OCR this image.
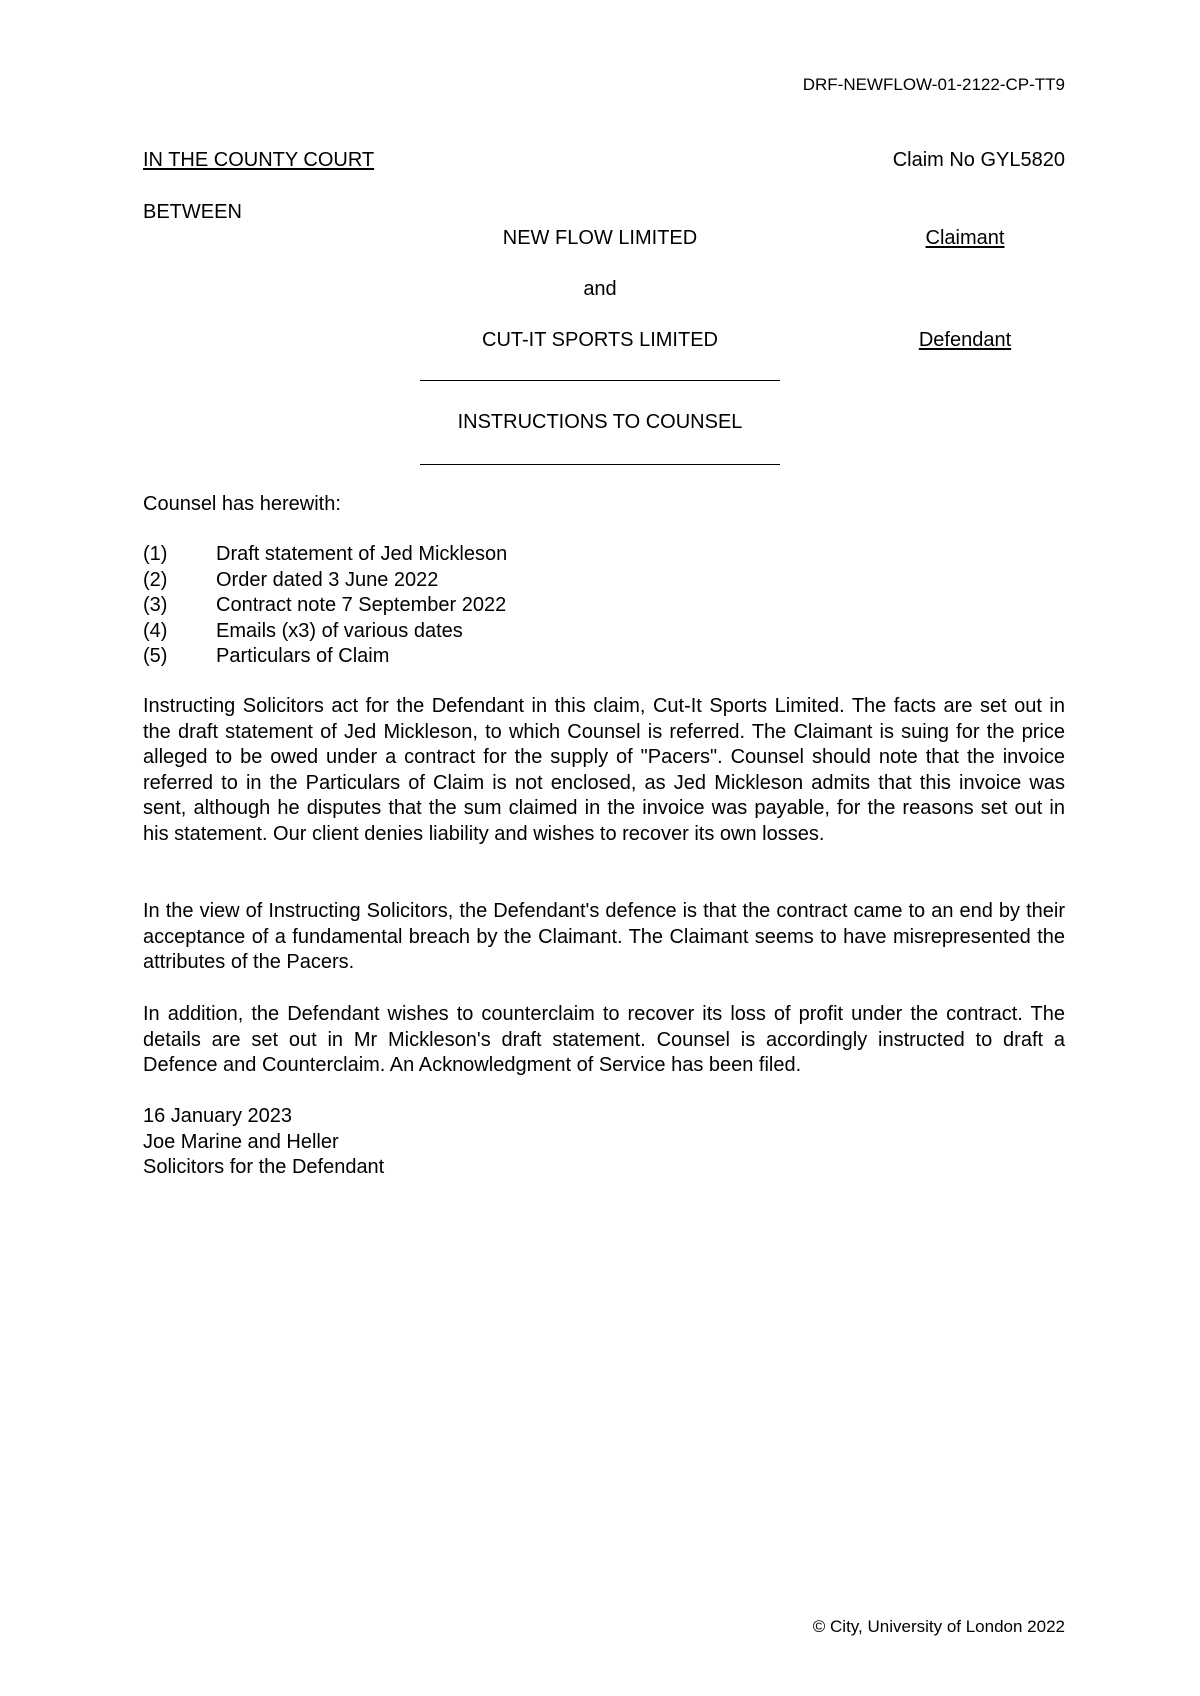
DRF-NEWFLOW-01-2122-CP-TT9
IN THE COUNTY COURT	Claim No GYL5820
BETWEEN
NEW FLOW LIMITED	Claimant
and
CUT-IT SPORTS LIMITED	Defendant
INSTRUCTIONS TO COUNSEL
Counsel has herewith:
(1)	Draft statement of Jed Mickleson
(2)	Order dated 3 June 2022
(3)	Contract note 7 September 2022
(4)	Emails (x3) of various dates
(5)	Particulars of Claim

Instructing Solicitors act for the Defendant in this claim, Cut-It Sports Limited. The facts are set out in the draft statement of Jed Mickleson, to which Counsel is referred. The Claimant is suing for the price alleged to be owed under a contract for the supply of "Pacers". Counsel should note that the invoice referred to in the Particulars of Claim is not enclosed, as Jed Mickleson admits that this invoice was sent, although he disputes that the sum claimed in the invoice was payable, for the reasons set out in his statement. Our client denies liability and wishes to recover its own losses.

In the view of Instructing Solicitors, the Defendant's defence is that the contract came to an end by their acceptance of a fundamental breach by the Claimant. The Claimant seems to have misrepresented the attributes of the Pacers.

In addition, the Defendant wishes to counterclaim to recover its loss of profit under the contract. The details are set out in Mr Mickleson's draft statement. Counsel is accordingly instructed to draft a Defence and Counterclaim. An Acknowledgment of Service has been filed.

16 January 2023
Joe Marine and Heller
Solicitors for the Defendant
© City, University of London 2022
